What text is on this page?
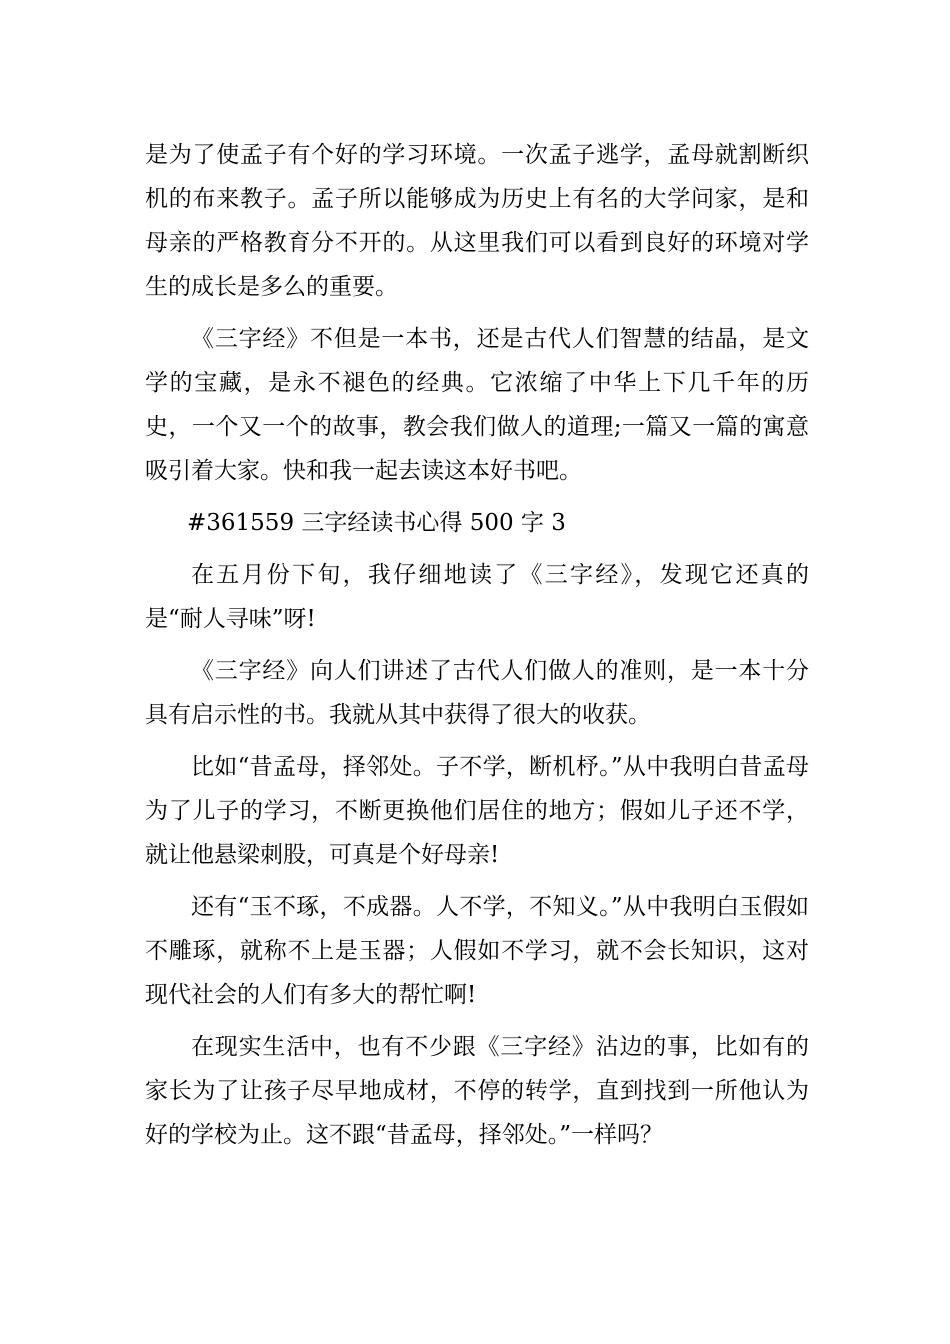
是为了使孟子有个好的学习环境。一次孟子逃学，孟母就割断织机的布来教子。孟子所以能够成为历史上有名的大学问家，是和母亲的严格教育分不开的。从这里我们可以看到良好的环境对学生的成长是多么的重要。

《三字经》不但是一本书，还是古代人们智慧的结晶，是文学的宝藏，是永不褪色的经典。它浓缩了中华上下几千年的历史，一个又一个的故事，教会我们做人的道理;一篇又一篇的寓意吸引着大家。快和我一起去读这本好书吧。

#361559 三字经读书心得 500 字 3

在五月份下旬，我仔细地读了《三字经》，发现它还真的是“耐人寻味”呀!

《三字经》向人们讲述了古代人们做人的准则，是一本十分具有启示性的书。我就从其中获得了很大的收获。

比如“昔孟母，择邻处。子不学，断机杼。”从中我明白昔孟母为了儿子的学习，不断更换他们居住的地方；假如儿子还不学，就让他悬梁刺股，可真是个好母亲!

还有“玉不琢，不成器。人不学，不知义。”从中我明白玉假如不雕琢，就称不上是玉器；人假如不学习，就不会长知识，这对现代社会的人们有多大的帮忙啊!

在现实生活中，也有不少跟《三字经》沾边的事，比如有的家长为了让孩子尽早地成材，不停的转学，直到找到一所他认为好的学校为止。这不跟“昔孟母，择邻处。”一样吗？
